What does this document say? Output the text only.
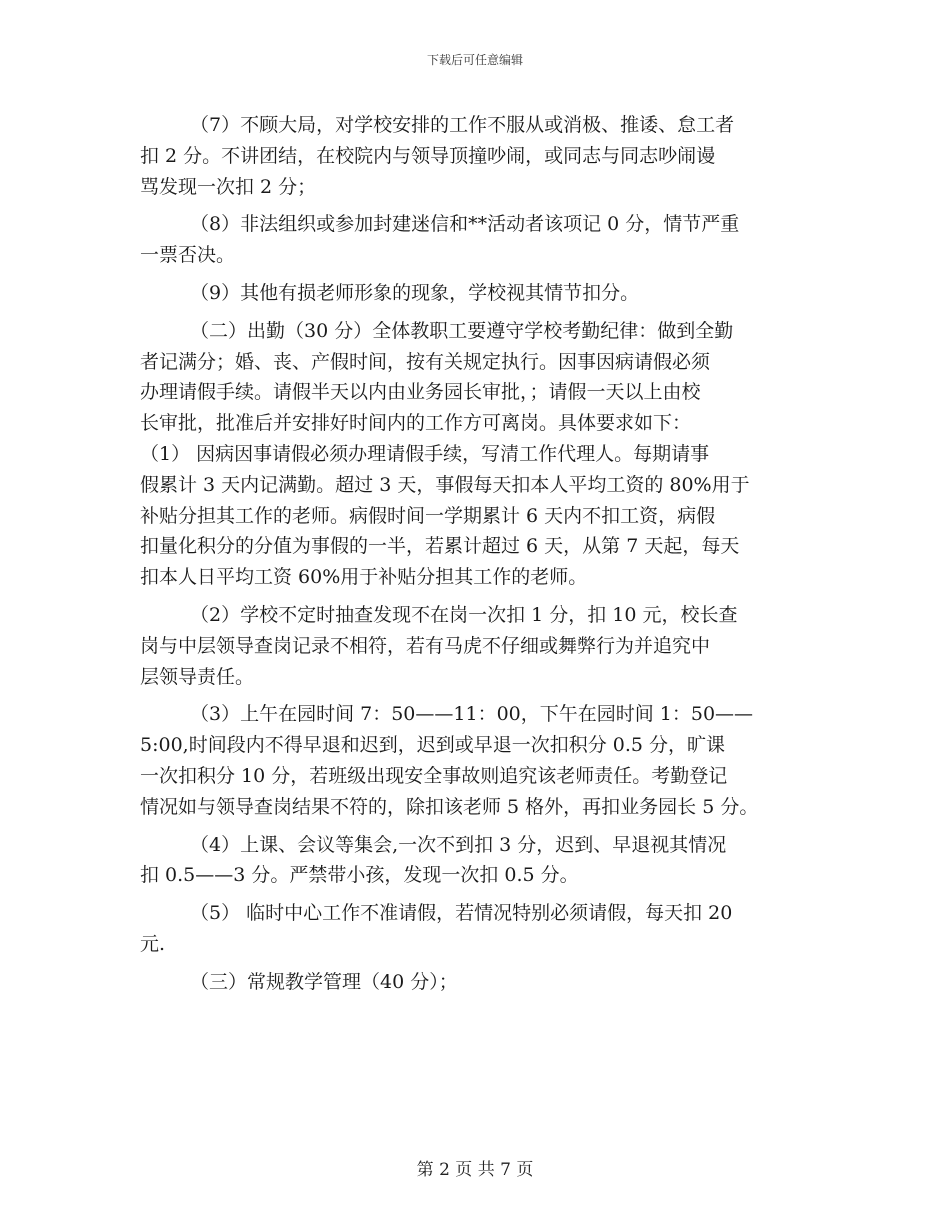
下载后可任意编辑
（7）不顾大局，对学校安排的工作不服从或消极、推诿、怠工者
扣 2 分。不讲团结，在校院内与领导顶撞吵闹，或同志与同志吵闹谩
骂发现一次扣 2 分；
（8）非法组织或参加封建迷信和**活动者该项记 0 分，情节严重
一票否决。
（9）其他有损老师形象的现象，学校视其情节扣分。
（二）出勤（30 分）全体教职工要遵守学校考勤纪律：做到全勤
者记满分；婚、丧、产假时间，按有关规定执行。因事因病请假必须
办理请假手续。请假半天以内由业务园长审批，；请假一天以上由校
长审批，批准后并安排好时间内的工作方可离岗。具体要求如下：
（1） 因病因事请假必须办理请假手续，写清工作代理人。每期请事
假累计 3 天内记满勤。超过 3 天，事假每天扣本人平均工资的 80%用于
补贴分担其工作的老师。病假时间一学期累计 6 天内不扣工资，病假
扣量化积分的分值为事假的一半，若累计超过 6 天，从第 7 天起，每天
扣本人日平均工资 60%用于补贴分担其工作的老师。
（2）学校不定时抽查发现不在岗一次扣 1 分，扣 10 元，校长查
岗与中层领导查岗记录不相符，若有马虎不仔细或舞弊行为并追究中
层领导责任。
（3）上午在园时间 7：50——11：00，下午在园时间 1：50——
5:00,时间段内不得早退和迟到，迟到或早退一次扣积分 0.5 分，旷课
一次扣积分 10 分，若班级出现安全事故则追究该老师责任。考勤登记
情况如与领导查岗结果不符的，除扣该老师 5 格外，再扣业务园长 5 分。
（4）上课、会议等集会,一次不到扣 3 分，迟到、早退视其情况
扣 0.5——3 分。严禁带小孩，发现一次扣 0.5 分。
（5） 临时中心工作不准请假，若情况特别必须请假，每天扣 20
元.
（三）常规教学管理（40 分）；
第 2 页 共 7 页
